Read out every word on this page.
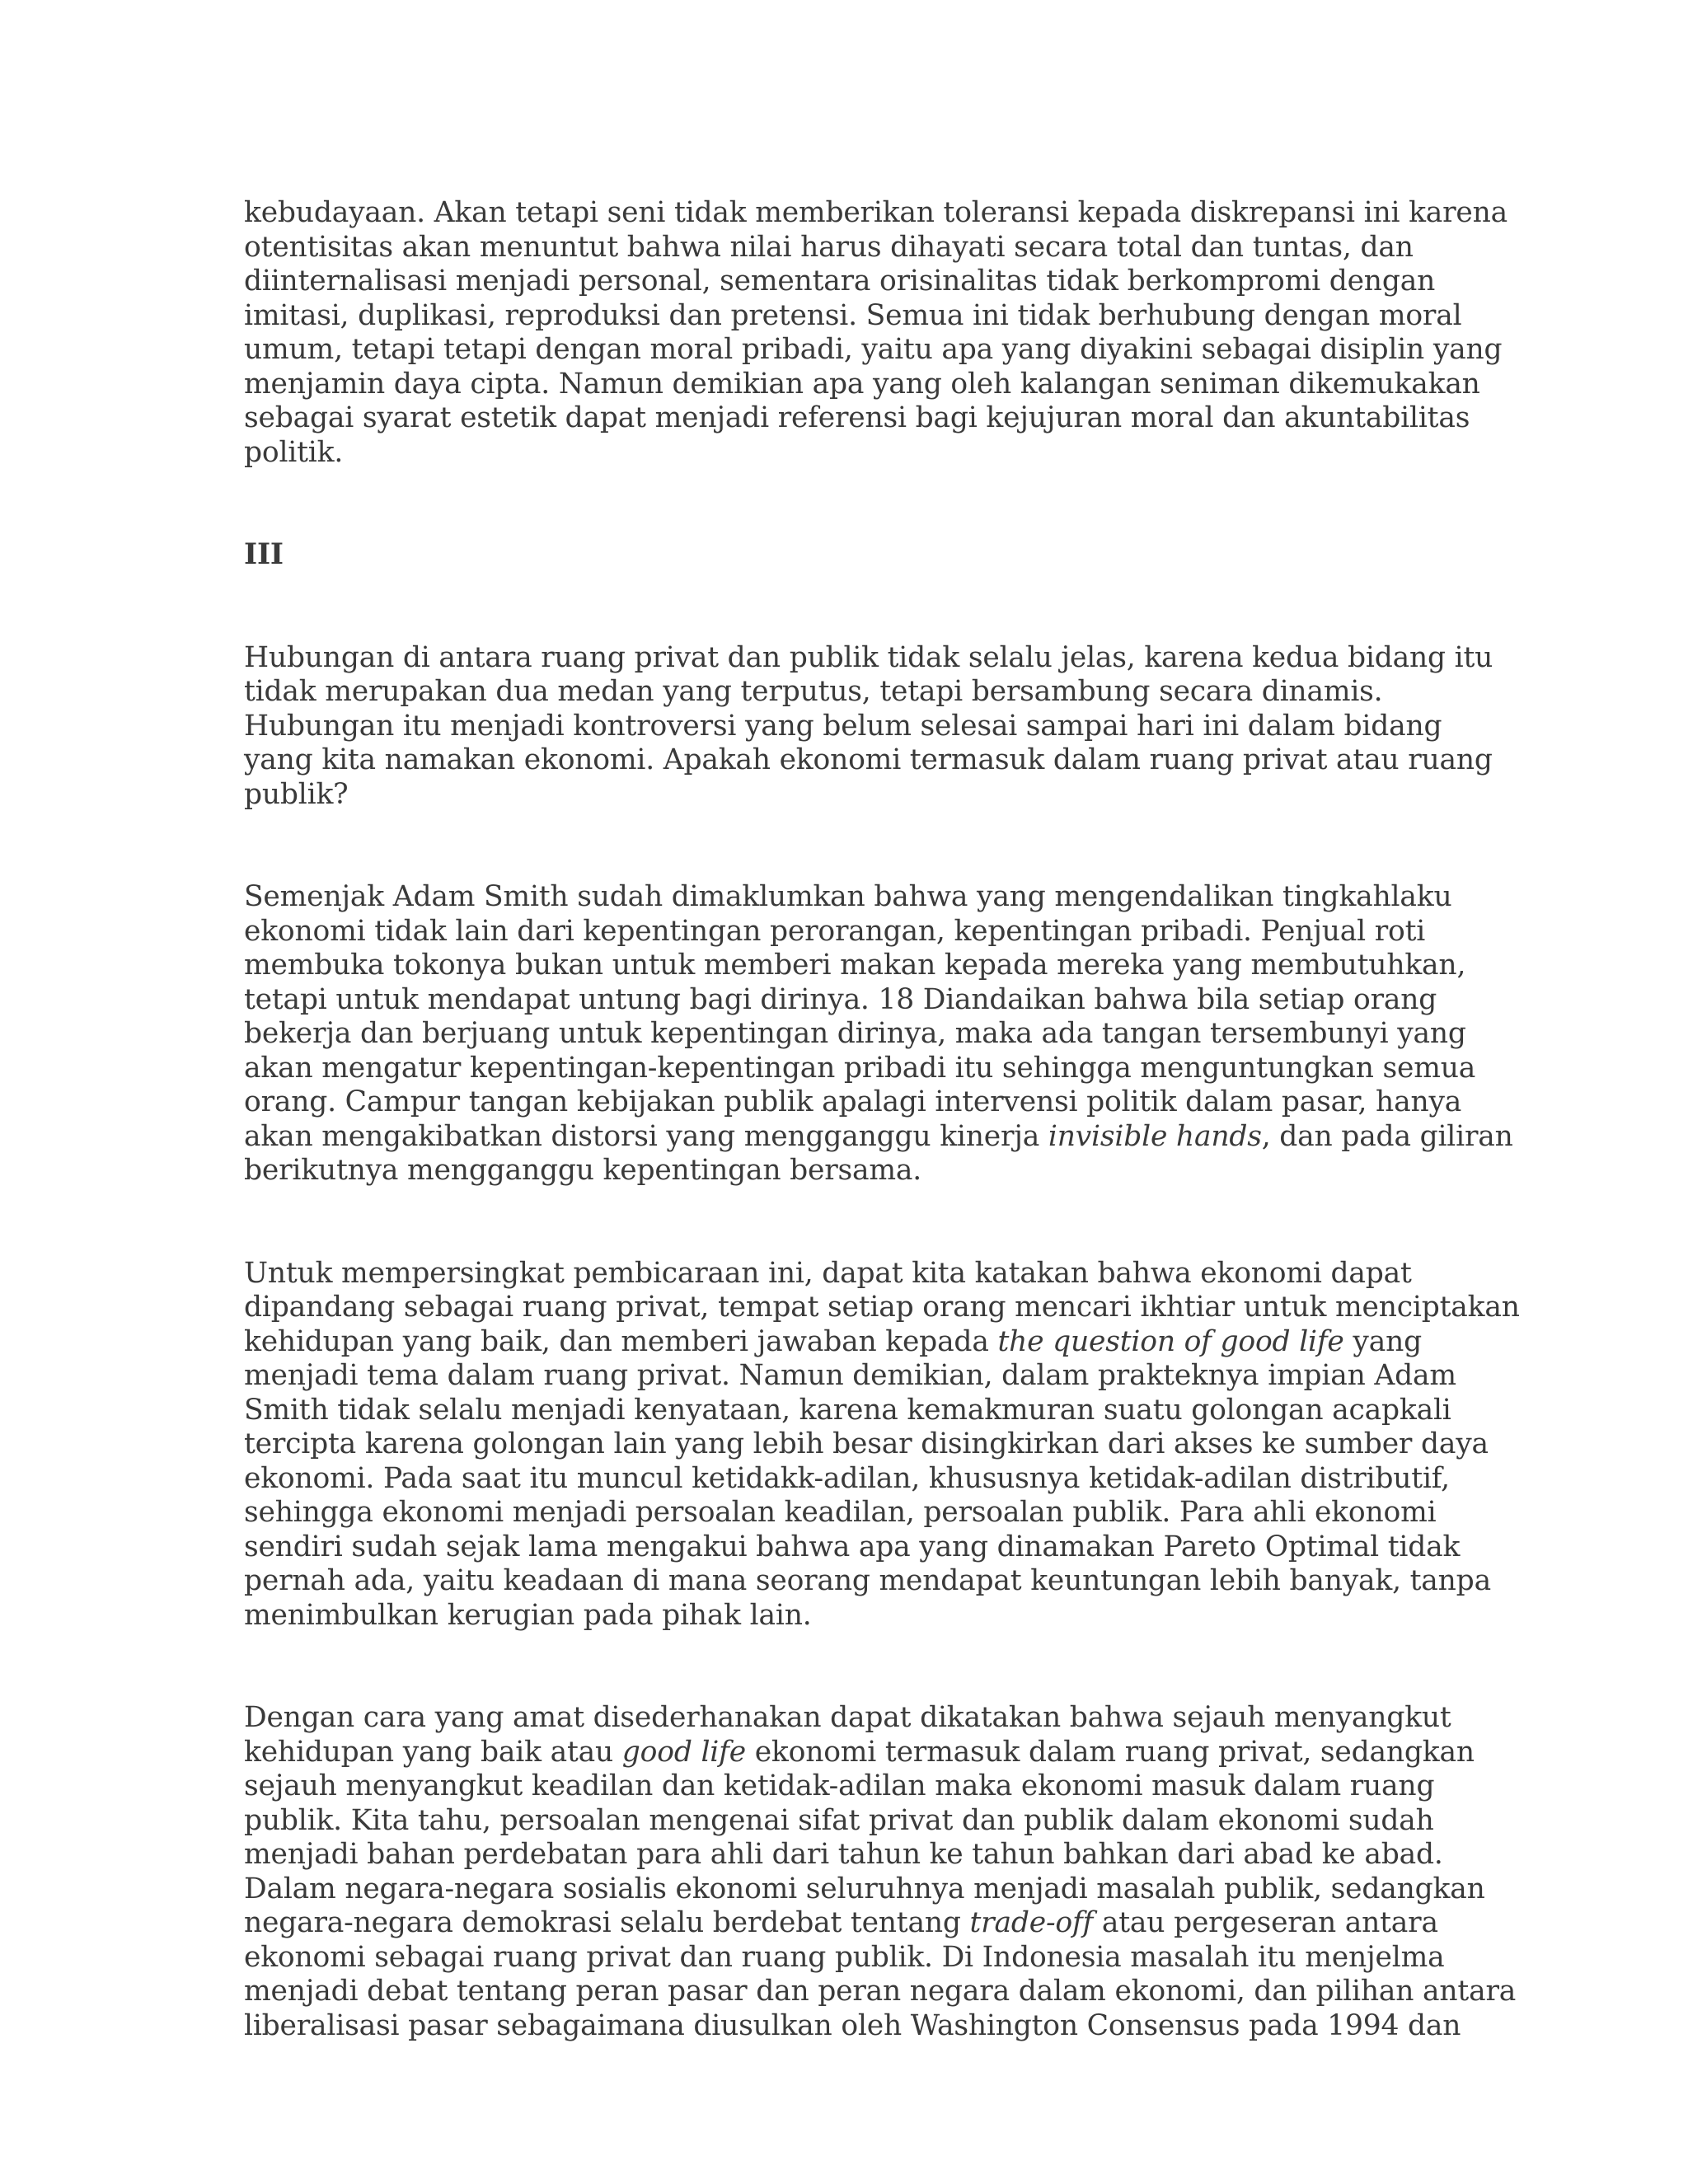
kebudayaan. Akan tetapi seni tidak memberikan toleransi kepada diskrepansi ini karena
otentisitas akan menuntut bahwa nilai harus dihayati secara total dan tuntas, dan
diinternalisasi menjadi personal, sementara orisinalitas tidak berkompromi dengan
imitasi, duplikasi, reproduksi dan pretensi. Semua ini tidak berhubung dengan moral
umum, tetapi tetapi dengan moral pribadi, yaitu apa yang diyakini sebagai disiplin yang
menjamin daya cipta. Namun demikian apa yang oleh kalangan seniman dikemukakan
sebagai syarat estetik dapat menjadi referensi bagi kejujuran moral dan akuntabilitas
politik.
III
Hubungan di antara ruang privat dan publik tidak selalu jelas, karena kedua bidang itu
tidak merupakan dua medan yang terputus, tetapi bersambung secara dinamis.
Hubungan itu menjadi kontroversi yang belum selesai sampai hari ini dalam bidang
yang kita namakan ekonomi. Apakah ekonomi termasuk dalam ruang privat atau ruang
publik?
Semenjak Adam Smith sudah dimaklumkan bahwa yang mengendalikan tingkahlaku
ekonomi tidak lain dari kepentingan perorangan, kepentingan pribadi. Penjual roti
membuka tokonya bukan untuk memberi makan kepada mereka yang membutuhkan,
tetapi untuk mendapat untung bagi dirinya. 18 Diandaikan bahwa bila setiap orang
bekerja dan berjuang untuk kepentingan dirinya, maka ada tangan tersembunyi yang
akan mengatur kepentingan-kepentingan pribadi itu sehingga menguntungkan semua
orang. Campur tangan kebijakan publik apalagi intervensi politik dalam pasar, hanya
akan mengakibatkan distorsi yang mengganggu kinerja invisible hands, dan pada giliran
berikutnya mengganggu kepentingan bersama.
Untuk mempersingkat pembicaraan ini, dapat kita katakan bahwa ekonomi dapat
dipandang sebagai ruang privat, tempat setiap orang mencari ikhtiar untuk menciptakan
kehidupan yang baik, dan memberi jawaban kepada the question of good life yang
menjadi tema dalam ruang privat. Namun demikian, dalam prakteknya impian Adam
Smith tidak selalu menjadi kenyataan, karena kemakmuran suatu golongan acapkali
tercipta karena golongan lain yang lebih besar disingkirkan dari akses ke sumber daya
ekonomi. Pada saat itu muncul ketidakk-adilan, khususnya ketidak-adilan distributif,
sehingga ekonomi menjadi persoalan keadilan, persoalan publik. Para ahli ekonomi
sendiri sudah sejak lama mengakui bahwa apa yang dinamakan Pareto Optimal tidak
pernah ada, yaitu keadaan di mana seorang mendapat keuntungan lebih banyak, tanpa
menimbulkan kerugian pada pihak lain.
Dengan cara yang amat disederhanakan dapat dikatakan bahwa sejauh menyangkut
kehidupan yang baik atau good life ekonomi termasuk dalam ruang privat, sedangkan
sejauh menyangkut keadilan dan ketidak-adilan maka ekonomi masuk dalam ruang
publik. Kita tahu, persoalan mengenai sifat privat dan publik dalam ekonomi sudah
menjadi bahan perdebatan para ahli dari tahun ke tahun bahkan dari abad ke abad.
Dalam negara-negara sosialis ekonomi seluruhnya menjadi masalah publik, sedangkan
negara-negara demokrasi selalu berdebat tentang trade-off atau pergeseran antara
ekonomi sebagai ruang privat dan ruang publik. Di Indonesia masalah itu menjelma
menjadi debat tentang peran pasar dan peran negara dalam ekonomi, dan pilihan antara
liberalisasi pasar sebagaimana diusulkan oleh Washington Consensus pada 1994 dan
